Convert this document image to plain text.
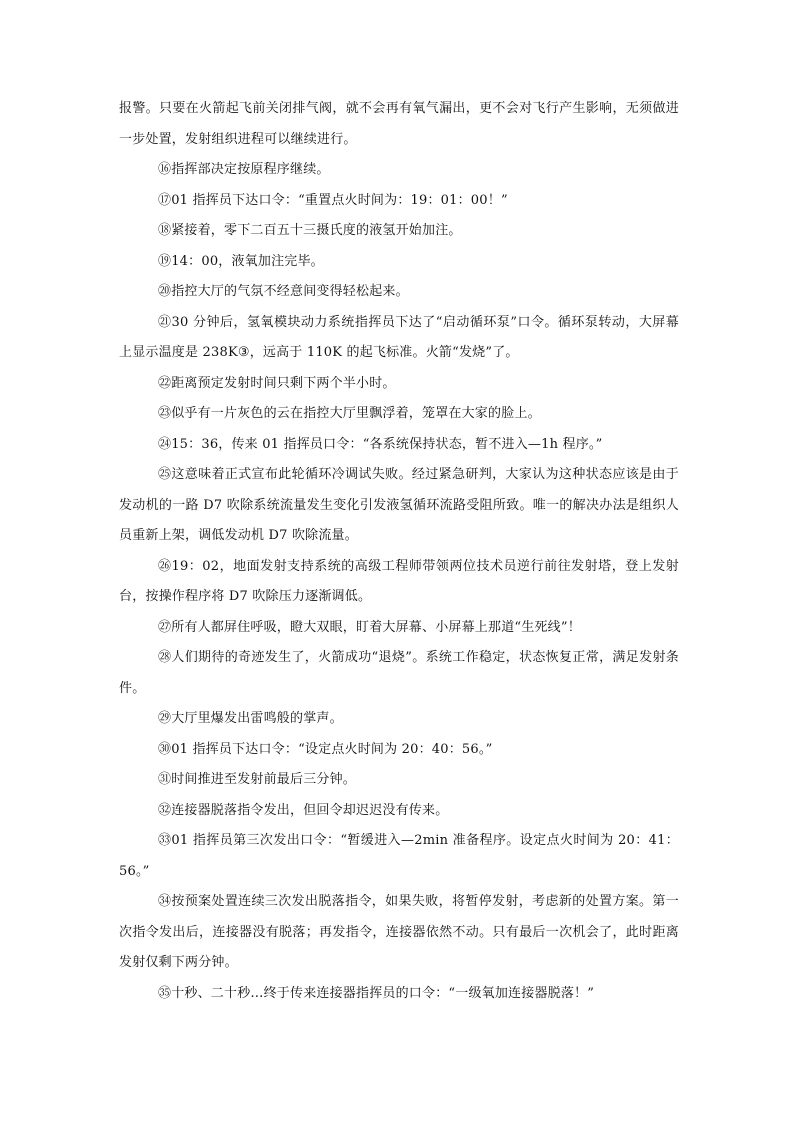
报警。只要在火箭起飞前关闭排气阀，就不会再有氧气漏出，更不会对飞行产生影响，无须做进一步处置，发射组织进程可以继续进行。

⑯指挥部决定按原程序继续。

⑰01 指挥员下达口令：“重置点火时间为：19：01：00！”

⑱紧接着，零下二百五十三摄氏度的液氢开始加注。

⑲14：00，液氧加注完毕。

⑳指控大厅的气氛不经意间变得轻松起来。

㉑30 分钟后，氢氧模块动力系统指挥员下达了“启动循环泵”口令。循环泵转动，大屏幕上显示温度是 238K③，远高于 110K 的起飞标准。火箭“发烧”了。

㉒距离预定发射时间只剩下两个半小时。

㉓似乎有一片灰色的云在指控大厅里飘浮着，笼罩在大家的脸上。

㉔15：36，传来 01 指挥员口令：“各系统保持状态，暂不进入—1h 程序。”

㉕这意味着正式宣布此轮循环冷调试失败。经过紧急研判，大家认为这种状态应该是由于发动机的一路 D7 吹除系统流量发生变化引发液氢循环流路受阻所致。唯一的解决办法是组织人员重新上架，调低发动机 D7 吹除流量。

㉖19：02，地面发射支持系统的高级工程师带领两位技术员逆行前往发射塔，登上发射台，按操作程序将 D7 吹除压力逐渐调低。

㉗所有人都屏住呼吸，瞪大双眼，盯着大屏幕、小屏幕上那道“生死线”！

㉘人们期待的奇迹发生了，火箭成功“退烧”。系统工作稳定，状态恢复正常，满足发射条件。

㉙大厅里爆发出雷鸣般的掌声。

㉚01 指挥员下达口令：“设定点火时间为 20：40：56。”

㉛时间推进至发射前最后三分钟。

㉜连接器脱落指令发出，但回令却迟迟没有传来。

㉝01 指挥员第三次发出口令：“暂缓进入—2min 准备程序。设定点火时间为 20：41：56。”

㉞按预案处置连续三次发出脱落指令，如果失败，将暂停发射，考虑新的处置方案。第一次指令发出后，连接器没有脱落；再发指令，连接器依然不动。只有最后一次机会了，此时距离发射仅剩下两分钟。

㉟十秒、二十秒…终于传来连接器指挥员的口令：“一级氧加连接器脱落！”
